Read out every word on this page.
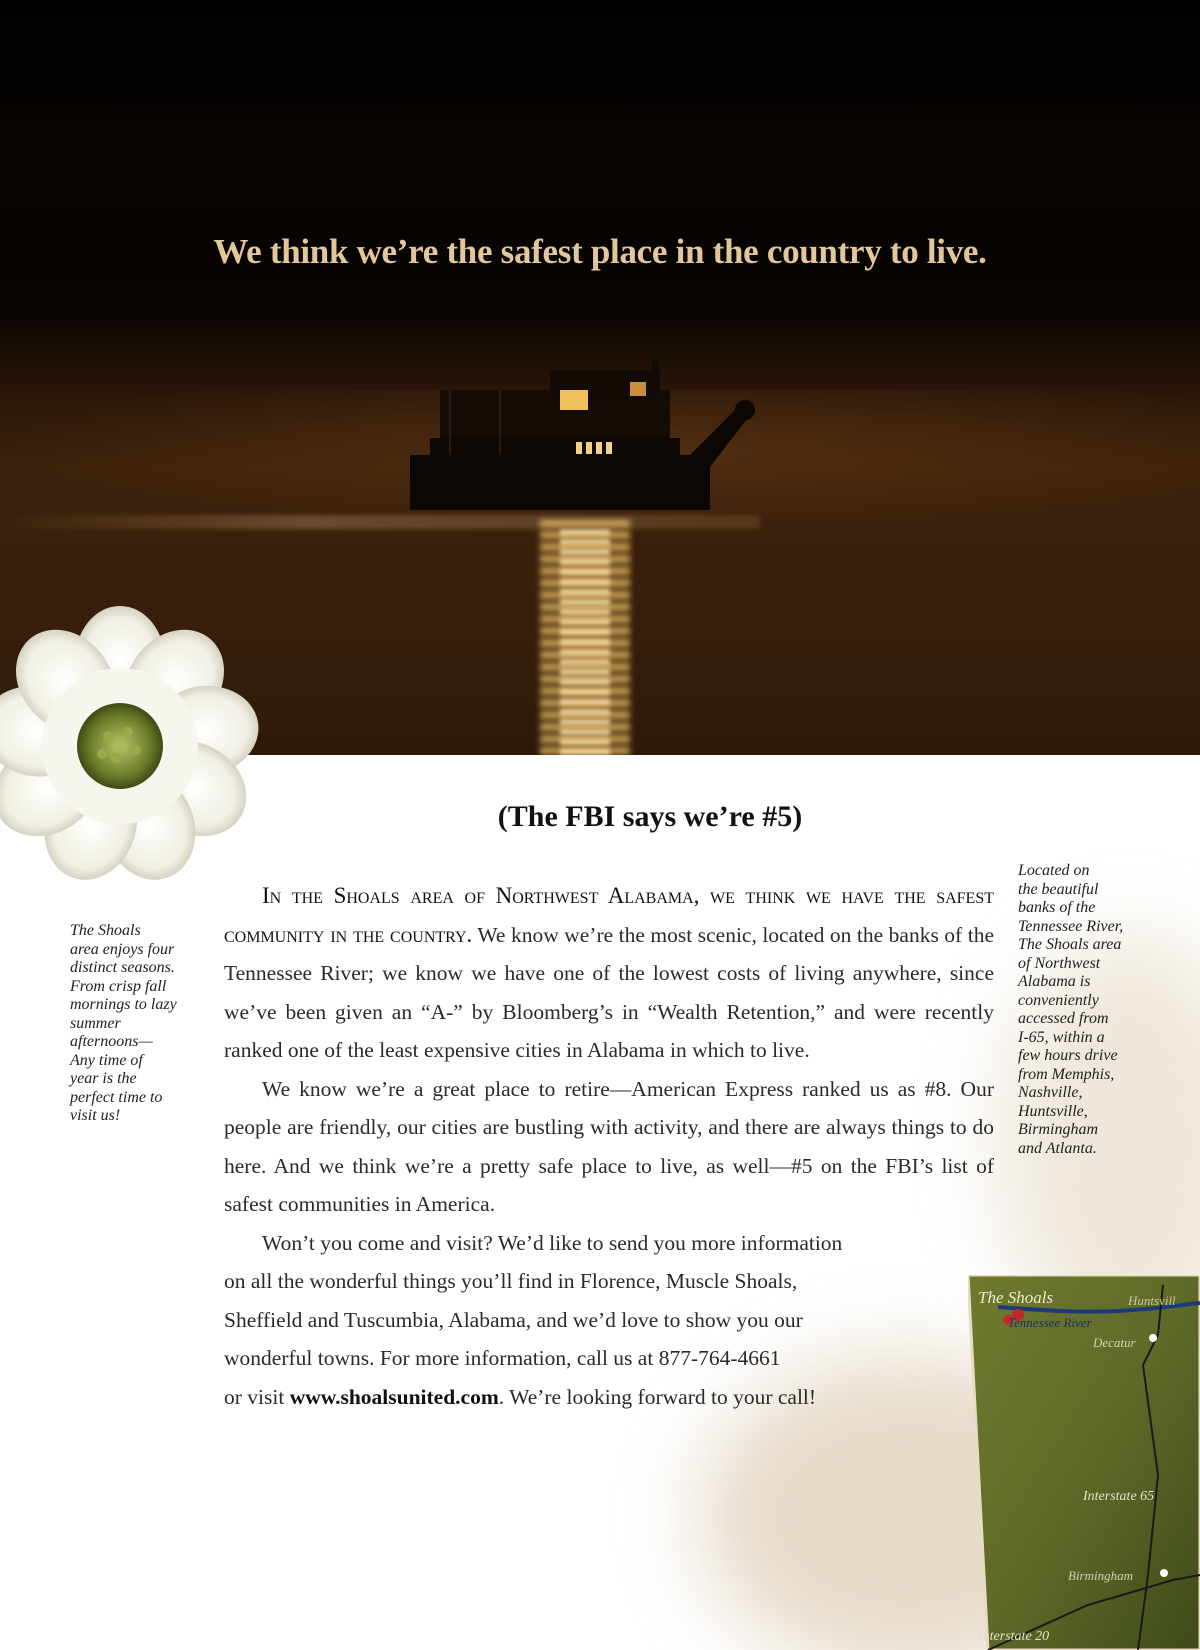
We think we’re the safest place in the country to live.
(The FBI says we’re #5)
The Shoals
area enjoys four
distinct seasons.
From crisp fall
mornings to lazy
summer
afternoons—
Any time of
year is the
perfect time to
visit us!
Located on
the beautiful
banks of the
Tennessee River,
The Shoals area
of Northwest
Alabama is
conveniently
accessed from
I-65, within a
few hours drive
from Memphis,
Nashville,
Huntsville,
Birmingham
and Atlanta.

In the Shoals area of Northwest Alabama, we think we have the safest community in the country. We know we’re the most scenic, located on the banks of the Tennessee River; we know we have one of the lowest costs of living anywhere, since we’ve been given an “A-” by Bloomberg’s in “Wealth Retention,” and were recently ranked one of the least expensive cities in Alabama in which to live.

We know we’re a great place to retire—American Express ranked us as #8. Our people are friendly, our cities are bustling with activity, and there are always things to do here. And we think we’re a pretty safe place to live, as well—#5 on the FBI’s list of safest communities in America.

Won’t you come and visit? We’d like to send you more information
on all the wonderful things you’ll find in Florence, Muscle Shoals,
Sheffield and Tuscumbia, Alabama, and we’d love to show you our
wonderful towns. For more information, call us at 877-764-4661
or visit www.shoalsunited.com. We’re looking forward to your call!

The Shoals
Tennessee River
Huntsvill
Decatur
Interstate 65
Birmingham
Interstate 20
